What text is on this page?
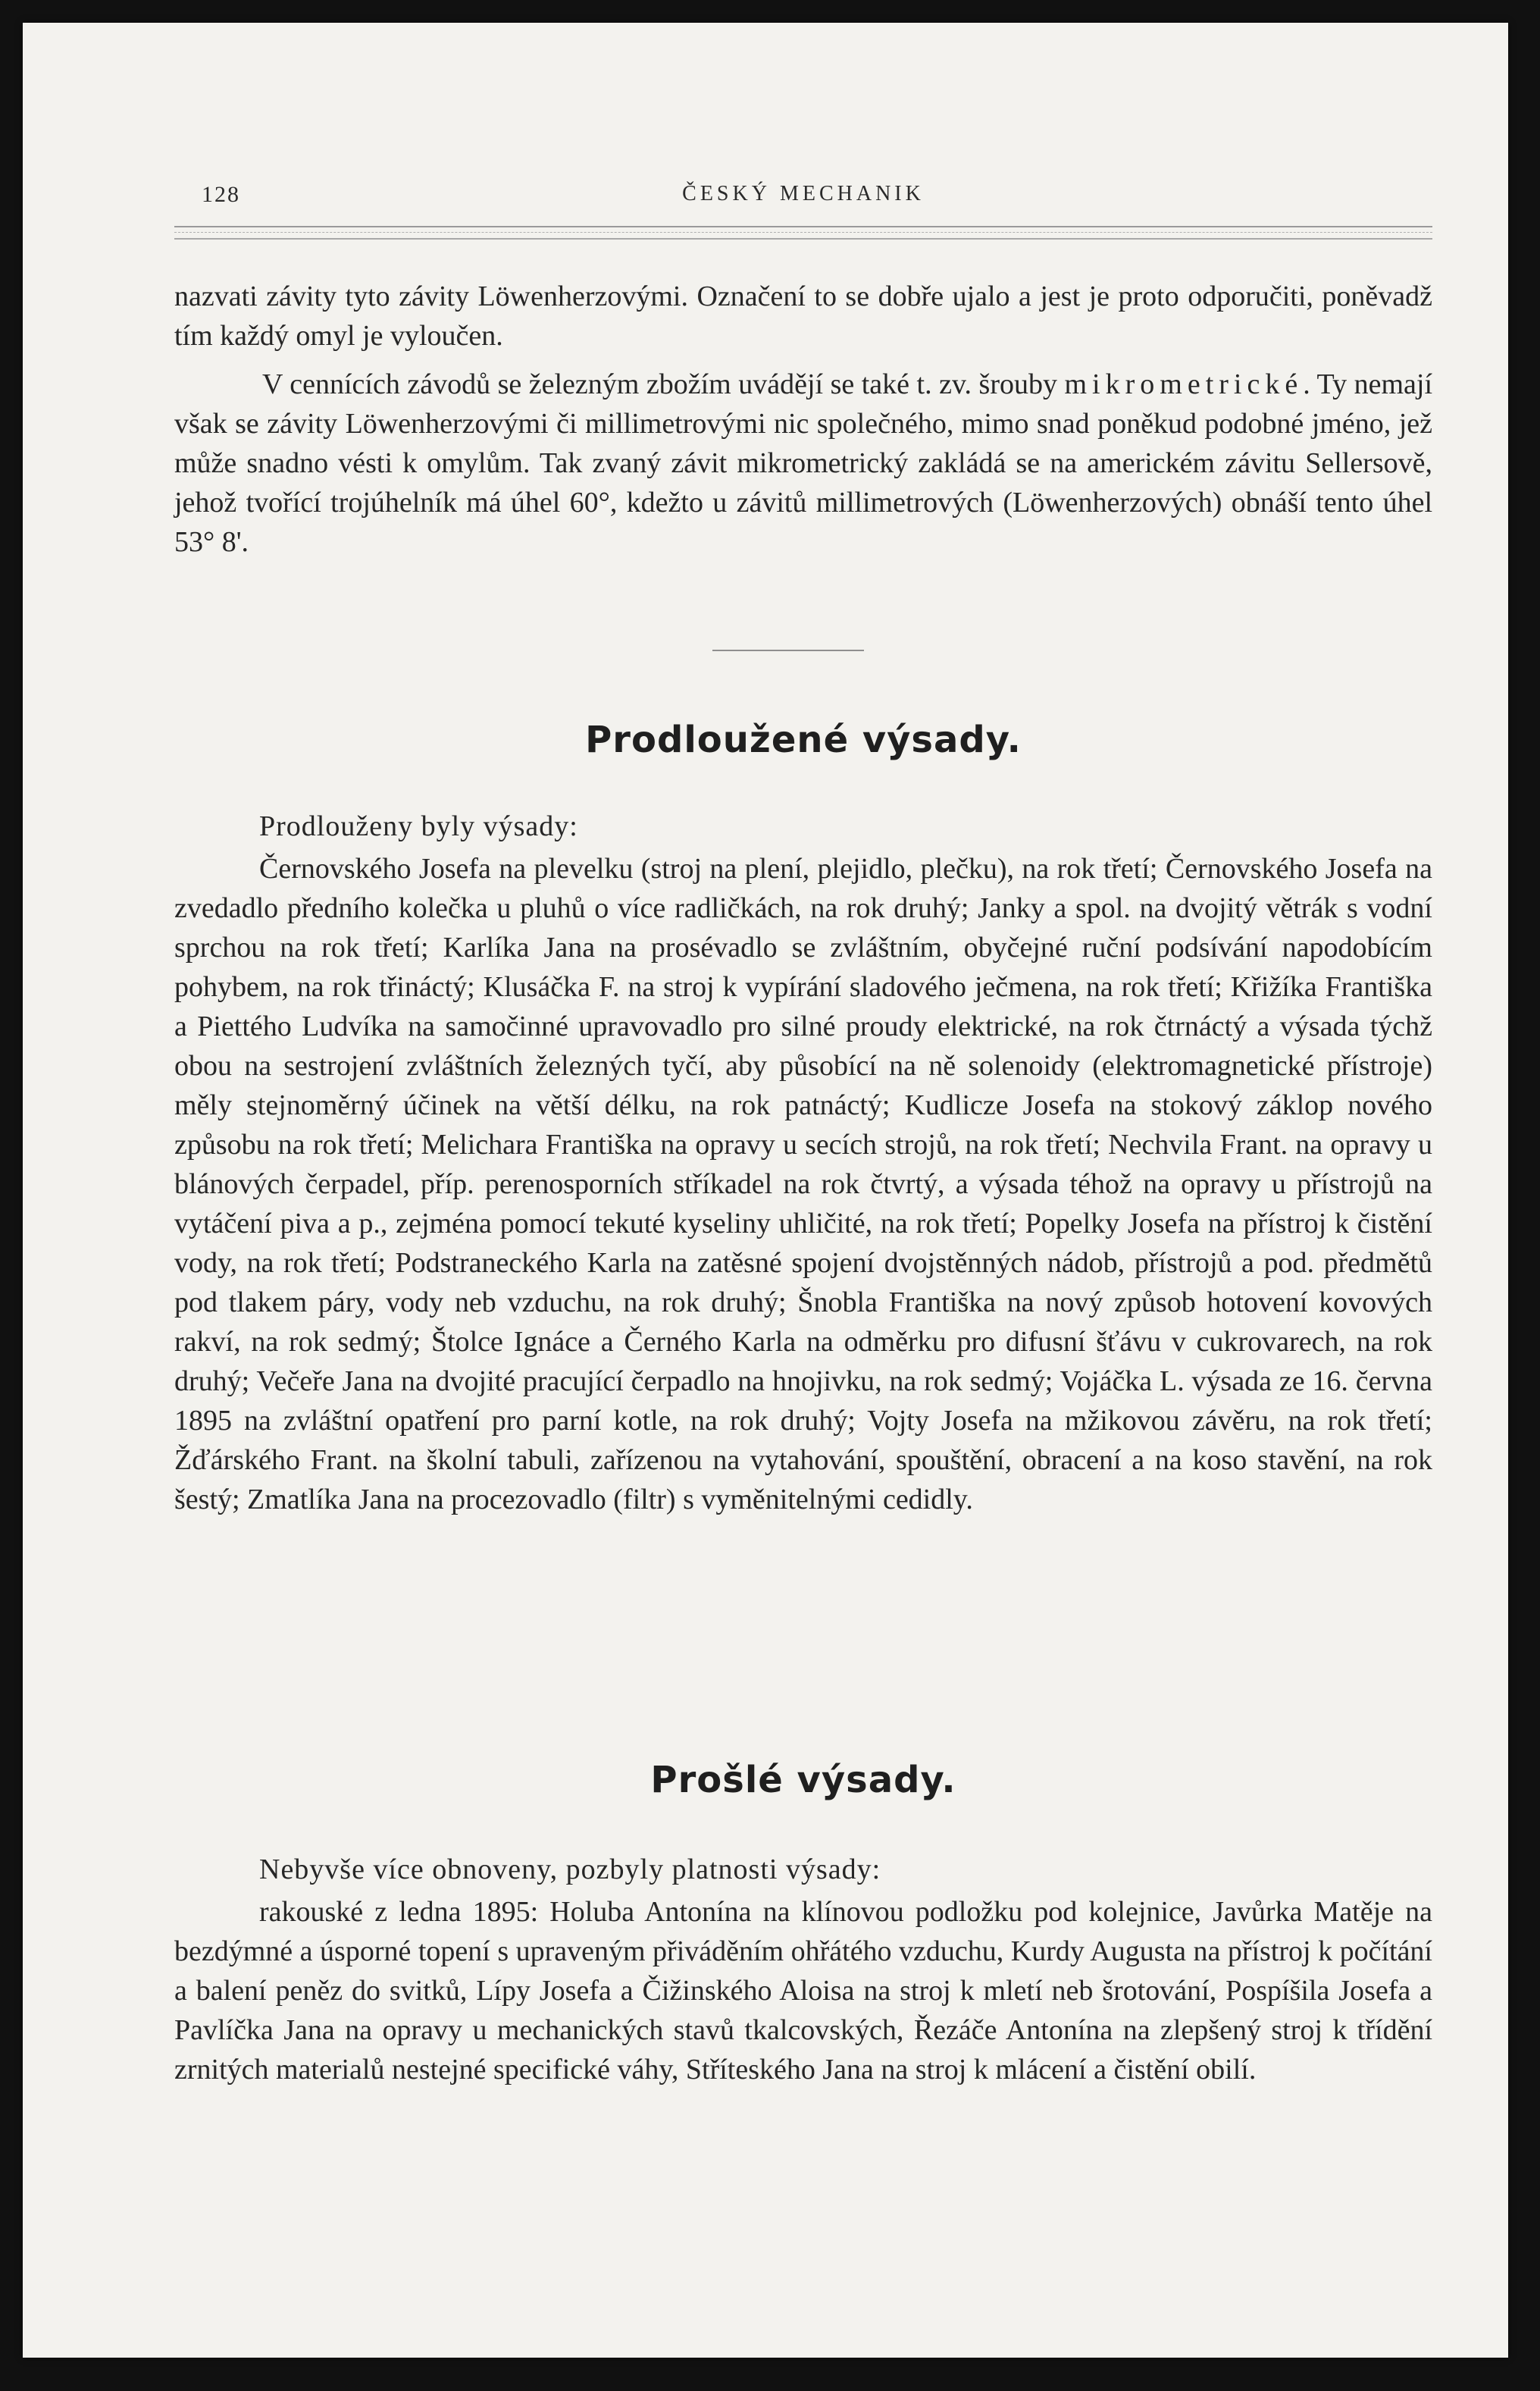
128	ČESKÝ MECHANIK

nazvati závity tyto závity Löwenherzovými. Označení to se dobře ujalo a jest je proto odporučiti, poněvadž tím každý omyl je vyloučen.

V cennících závodů se železným zbožím uvádějí se také t. zv. šrouby mikrometrické. Ty nemají však se závity Löwenherzovými či millimetrovými nic společného, mimo snad poněkud podobné jméno, jež může snadno vésti k omylům. Tak zvaný závit mikrometrický zakládá se na americkém závitu Sellersově, jehož tvořící trojúhelník má úhel 60°, kdežto u závitů millimetrových (Löwenherzových) obnáší tento úhel 53° 8'.

Prodloužené výsady.

Prodlouženy byly výsady:

Černovského Josefa na plevelku (stroj na plení, plejidlo, plečku), na rok třetí; Černovského Josefa na zvedadlo předního kolečka u pluhů o více radličkách, na rok druhý; Janky a spol. na dvojitý větrák s vodní sprchou na rok třetí; Karlíka Jana na prosévadlo se zvláštním, obyčejné ruční podsívání napodobícím pohybem, na rok třináctý; Klusáčka F. na stroj k vypírání sladového ječmena, na rok třetí; Křižíka Františka a Piettého Ludvíka na samočinné upravovadlo pro silné proudy elektrické, na rok čtrnáctý a výsada týchž obou na sestrojení zvláštních železných tyčí, aby působící na ně solenoidy (elektromagnetické přístroje) měly stejnoměrný účinek na větší délku, na rok patnáctý; Kudlicze Josefa na stokový záklop nového způsobu na rok třetí; Melichara Františka na opravy u secích strojů, na rok třetí; Nechvila Frant. na opravy u blánových čerpadel, příp. perenosporních stříkadel na rok čtvrtý, a výsada téhož na opravy u přístrojů na vytáčení piva a p., zejména pomocí tekuté kyseliny uhličité, na rok třetí; Popelky Josefa na přístroj k čistění vody, na rok třetí; Podstraneckého Karla na zatěsné spojení dvojstěnných nádob, přístrojů a pod. předmětů pod tlakem páry, vody neb vzduchu, na rok druhý; Šnobla Františka na nový způsob hotovení kovových rakví, na rok sedmý; Štolce Ignáce a Černého Karla na odměrku pro difusní šťávu v cukrovarech, na rok druhý; Večeře Jana na dvojité pracující čerpadlo na hnojivku, na rok sedmý; Vojáčka L. výsada ze 16. června 1895 na zvláštní opatření pro parní kotle, na rok druhý; Vojty Josefa na mžikovou závěru, na rok třetí; Žďárského Frant. na školní tabuli, zařízenou na vytahování, spouštění, obracení a na koso stavění, na rok šestý; Zmatlíka Jana na procezovadlo (filtr) s vyměnitelnými cedidly.

Prošlé výsady.

Nebyvše více obnoveny, pozbyly platnosti výsady:

rakouské z ledna 1895: Holuba Antonína na klínovou podložku pod kolejnice, Javůrka Matěje na bezdýmné a úsporné topení s upraveným přiváděním ohřátého vzduchu, Kurdy Augusta na přístroj k počítání a balení peněz do svitků, Lípy Josefa a Čižinského Aloisa na stroj k mletí neb šrotování, Pospíšila Josefa a Pavlíčka Jana na opravy u mechanických stavů tkalcovských, Řezáče Antonína na zlepšený stroj k třídění zrnitých materialů nestejné specifické váhy, Stříteského Jana na stroj k mlácení a čistění obilí.
